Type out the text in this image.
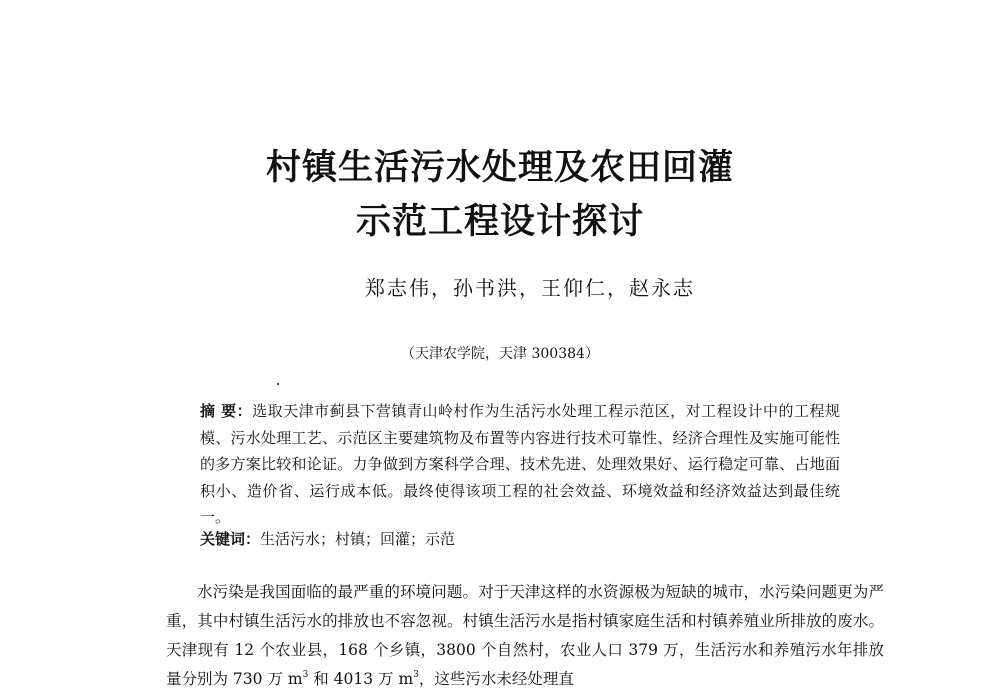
村镇生活污水处理及农田回灌
示范工程设计探讨
郑志伟，孙书洪，王仰仁，赵永志
（天津农学院，天津 300384）
摘 要：选取天津市蓟县下营镇青山岭村作为生活污水处理工程示范区，对工程设计中的工程规模、污水处理工艺、示范区主要建筑物及布置等内容进行技术可靠性、经济合理性及实施可能性的多方案比较和论证。力争做到方案科学合理、技术先进、处理效果好、运行稳定可靠、占地面积小、造价省、运行成本低。最终使得该项工程的社会效益、环境效益和经济效益达到最佳统一。
关键词：生活污水；村镇；回灌；示范

水污染是我国面临的最严重的环境问题。对于天津这样的水资源极为短缺的城市，水污染问题更为严重，其中村镇生活污水的排放也不容忽视。村镇生活污水是指村镇家庭生活和村镇养殖业所排放的废水。天津现有 12 个农业县，168 个乡镇，3800 个自然村，农业人口 379 万，生活污水和养殖污水年排放量分别为 730 万 $m^3$ 和 4013 万 $m^3$，这些污水未经处理直
